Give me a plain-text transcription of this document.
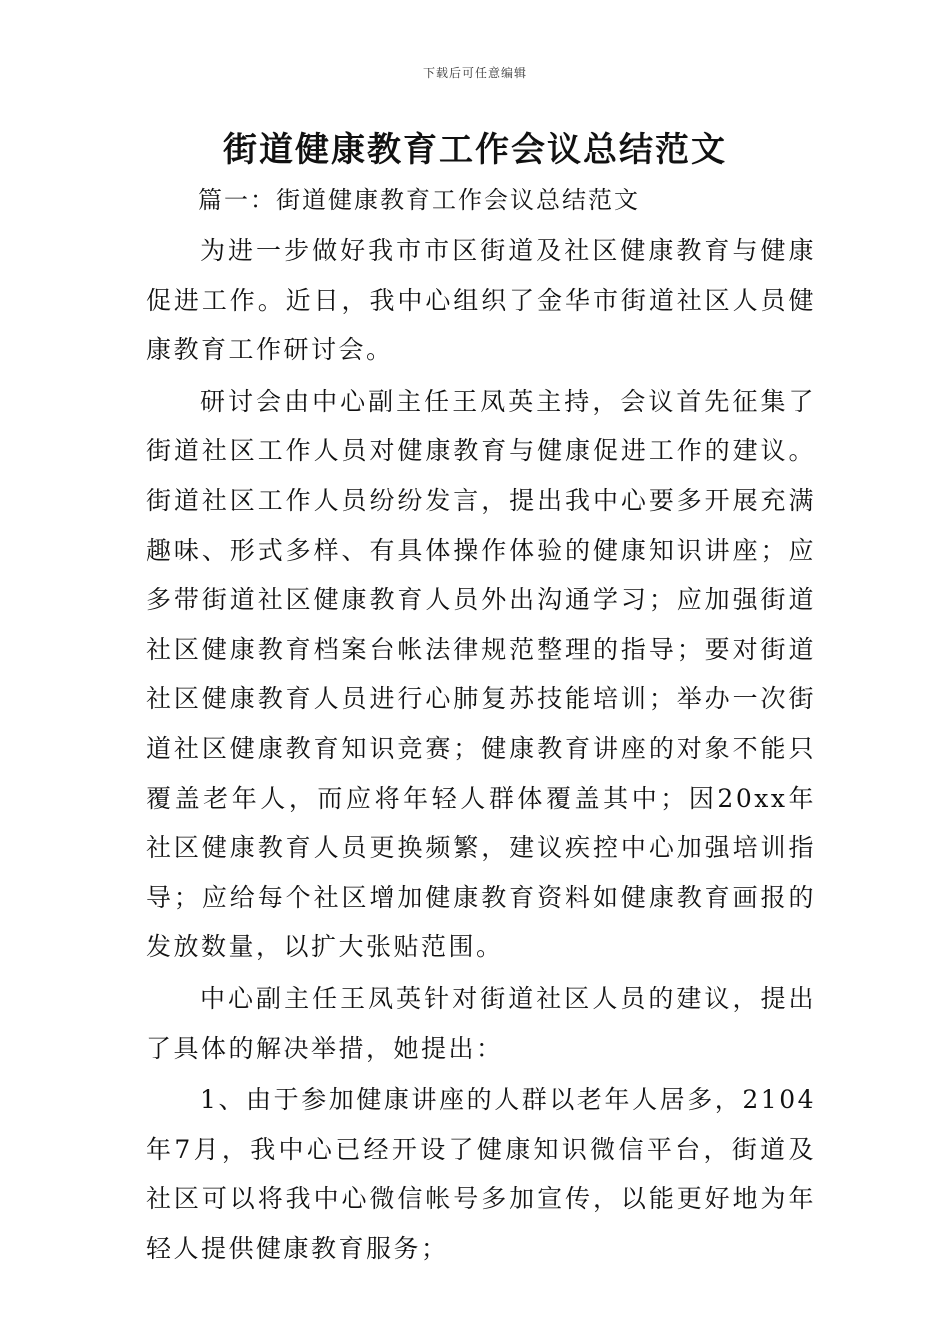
下载后可任意编辑
街道健康教育工作会议总结范文

篇一：街道健康教育工作会议总结范文

为进一步做好我市市区街道及社区健康教育与健康促进工作。近日，我中心组织了金华市街道社区人员健康教育工作研讨会。

研讨会由中心副主任王凤英主持，会议首先征集了街道社区工作人员对健康教育与健康促进工作的建议。街道社区工作人员纷纷发言，提出我中心要多开展充满趣味、形式多样、有具体操作体验的健康知识讲座；应多带街道社区健康教育人员外出沟通学习；应加强街道社区健康教育档案台帐法律规范整理的指导；要对街道社区健康教育人员进行心肺复苏技能培训；举办一次街道社区健康教育知识竞赛；健康教育讲座的对象不能只覆盖老年人，而应将年轻人群体覆盖其中；因20xx年社区健康教育人员更换频繁，建议疾控中心加强培训指导；应给每个社区增加健康教育资料如健康教育画报的发放数量，以扩大张贴范围。

中心副主任王凤英针对街道社区人员的建议，提出了具体的解决举措，她提出：

1、由于参加健康讲座的人群以老年人居多，2104年7月，我中心已经开设了健康知识微信平台，街道及社区可以将我中心微信帐号多加宣传，以能更好地为年轻人提供健康教育服务；
